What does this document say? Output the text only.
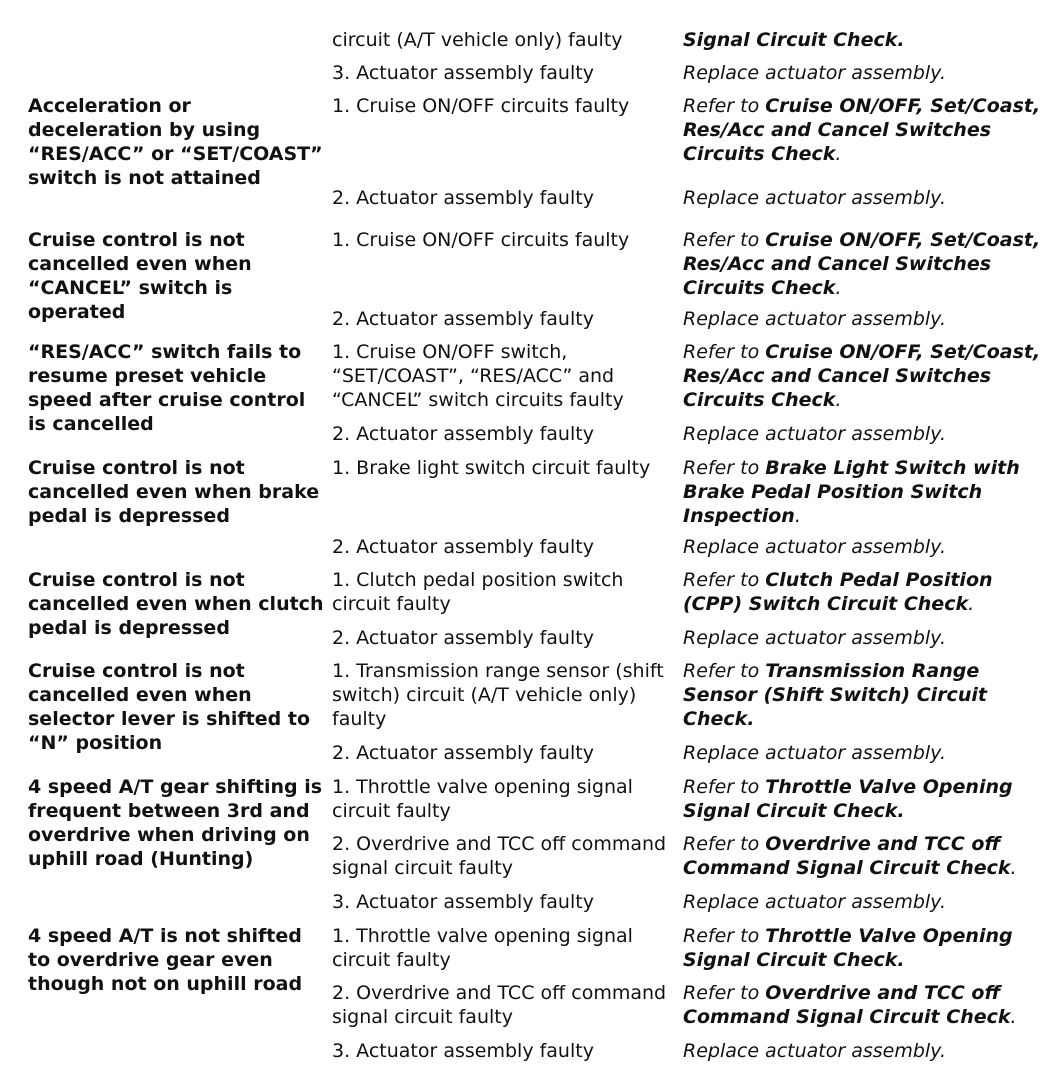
circuit (A/T vehicle only) faulty
3. Actuator assembly faulty
Signal Circuit Check.
Replace actuator assembly.
Acceleration or deceleration by using “RES/ACC” or “SET/COAST” switch is not attained
1. Cruise ON/OFF circuits faulty
2. Actuator assembly faulty
Refer to Cruise ON/OFF, Set/Coast, Res/Acc and Cancel Switches Circuits Check.
Replace actuator assembly.
Cruise control is not cancelled even when “CANCEL” switch is operated
1. Cruise ON/OFF circuits faulty
2. Actuator assembly faulty
Refer to Cruise ON/OFF, Set/Coast, Res/Acc and Cancel Switches Circuits Check.
Replace actuator assembly.
“RES/ACC” switch fails to resume preset vehicle speed after cruise control is cancelled
1. Cruise ON/OFF switch, “SET/COAST”, “RES/ACC” and “CANCEL” switch circuits faulty
2. Actuator assembly faulty
Refer to Cruise ON/OFF, Set/Coast, Res/Acc and Cancel Switches Circuits Check.
Replace actuator assembly.
Cruise control is not cancelled even when brake pedal is depressed
1. Brake light switch circuit faulty
2. Actuator assembly faulty
Refer to Brake Light Switch with Brake Pedal Position Switch Inspection.
Replace actuator assembly.
Cruise control is not cancelled even when clutch pedal is depressed
1. Clutch pedal position switch circuit faulty
2. Actuator assembly faulty
Refer to Clutch Pedal Position (CPP) Switch Circuit Check.
Replace actuator assembly.
Cruise control is not cancelled even when selector lever is shifted to “N” position
1. Transmission range sensor (shift switch) circuit (A/T vehicle only) faulty
2. Actuator assembly faulty
Refer to Transmission Range Sensor (Shift Switch) Circuit Check.
Replace actuator assembly.
4 speed A/T gear shifting is frequent between 3rd and overdrive when driving on uphill road (Hunting)
1. Throttle valve opening signal circuit faulty
2. Overdrive and TCC off command signal circuit faulty
3. Actuator assembly faulty
Refer to Throttle Valve Opening Signal Circuit Check.
Refer to Overdrive and TCC off Command Signal Circuit Check.
Replace actuator assembly.
4 speed A/T is not shifted to overdrive gear even though not on uphill road
1. Throttle valve opening signal circuit faulty
2. Overdrive and TCC off command signal circuit faulty
3. Actuator assembly faulty
Refer to Throttle Valve Opening Signal Circuit Check.
Refer to Overdrive and TCC off Command Signal Circuit Check.
Replace actuator assembly.
